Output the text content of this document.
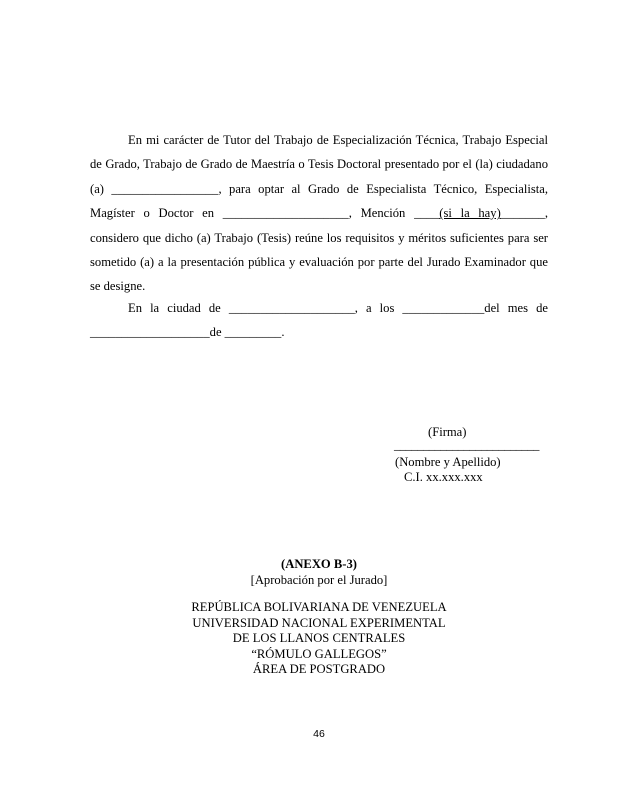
En mi carácter de Tutor del Trabajo de Especialización Técnica, Trabajo Especial de Grado, Trabajo de Grado de Maestría o Tesis Doctoral presentado por el (la) ciudadano (a) _________________, para optar al Grado de Especialista Técnico, Especialista, Magíster o Doctor en ____________________, Mención ____(si la hay)_______, considero que dicho (a) Trabajo (Tesis) reúne los requisitos y méritos suficientes para ser sometido (a) a la presentación pública y evaluación por parte del Jurado Examinador que se designe.
En la ciudad de ____________________, a los _____________del mes de ___________________de _________.
(Firma)
_________________________
(Nombre y Apellido)
C.I. xx.xxx.xxx
(ANEXO B-3)
[Aprobación por el Jurado]
REPÚBLICA BOLIVARIANA DE VENEZUELA
UNIVERSIDAD NACIONAL EXPERIMENTAL
DE LOS LLANOS CENTRALES
“RÓMULO GALLEGOS”
ÁREA DE POSTGRADO
46
